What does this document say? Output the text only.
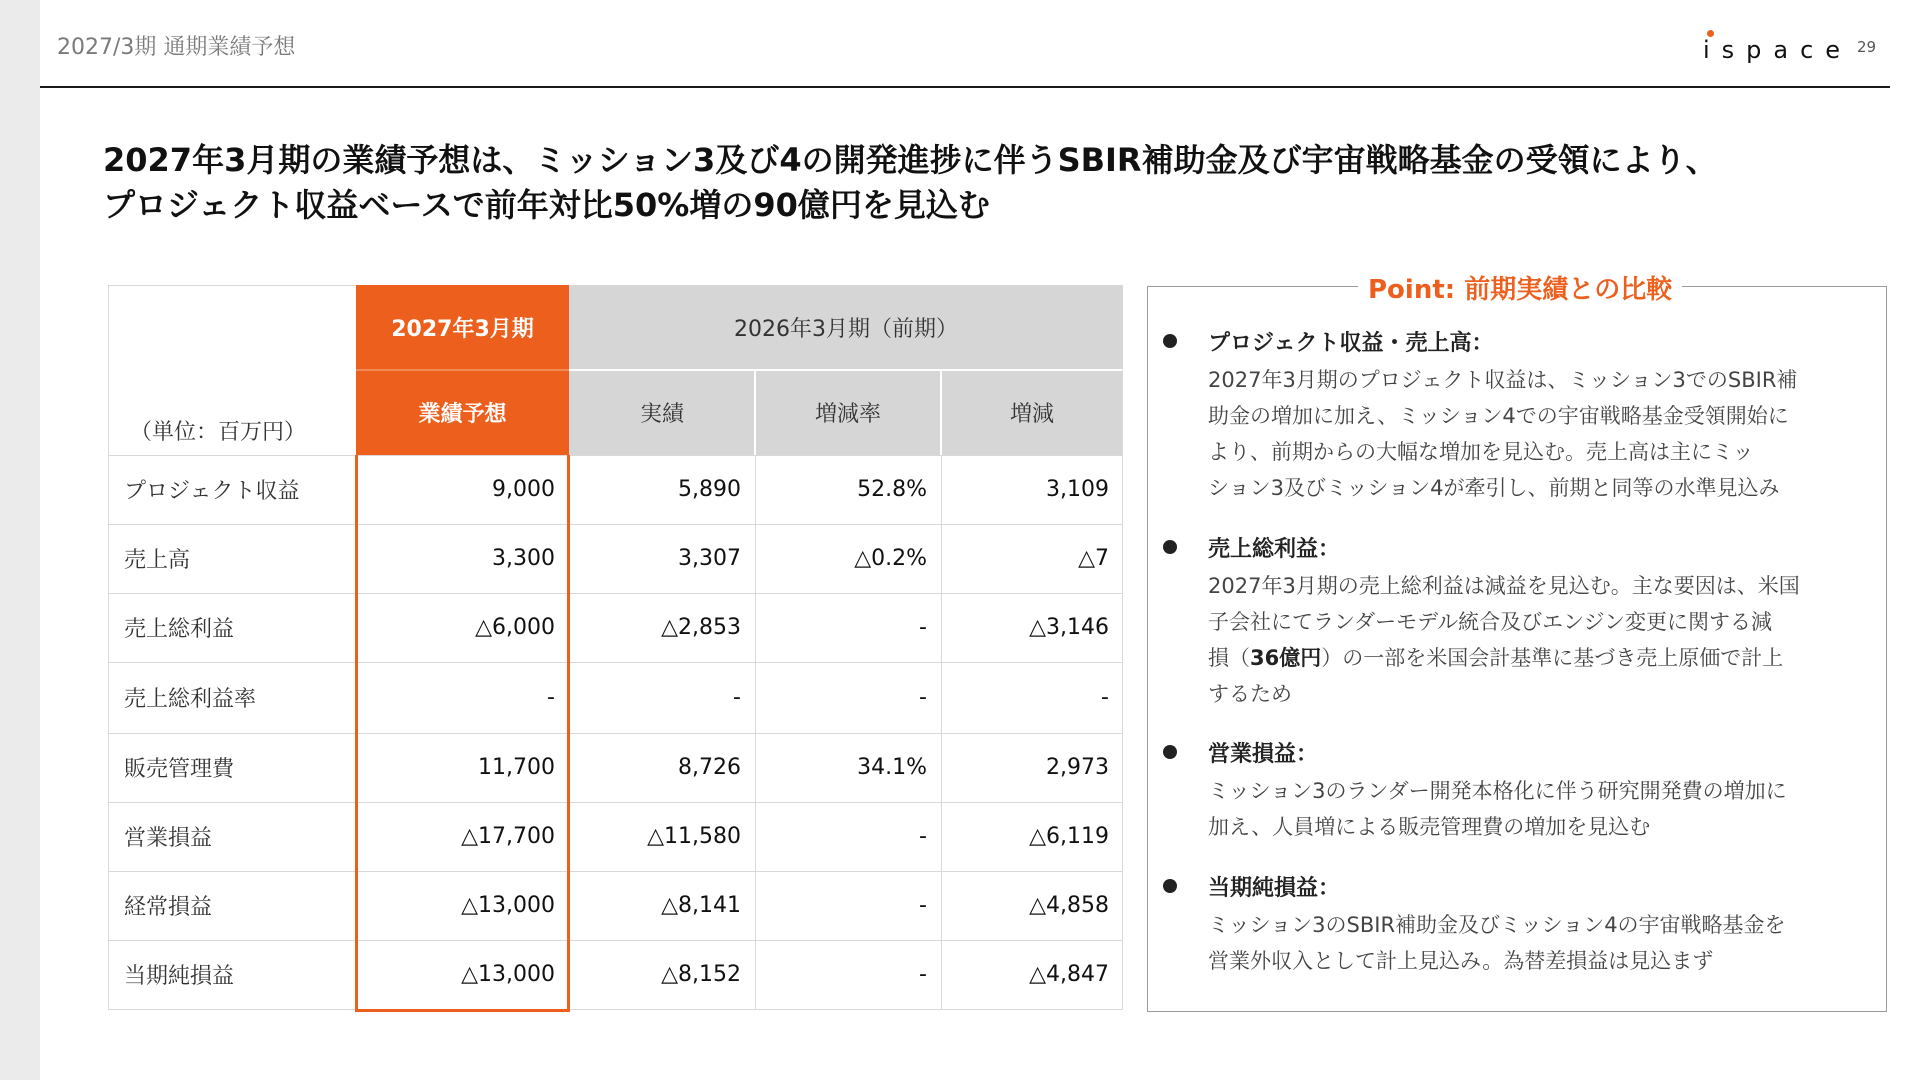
2027/3期 通期業績予想	ispace 29
2027年3月期の業績予想は、ミッション3及び4の開発進捗に伴うSBIR補助金及び宇宙戦略基金の受領により、
プロジェクト収益ベースで前年対比50%増の90億円を見込む
2027年3月期	2026年3月期（前期）
業績予想	実績	増減率	増減
（単位：百万円）
プロジェクト収益	9,000	5,890	52.8%	3,109
売上高	3,300	3,307	△0.2%	△7
売上総利益	△6,000	△2,853	-	△3,146
売上総利益率	-	-	-	-
販売管理費	11,700	8,726	34.1%	2,973
営業損益	△17,700	△11,580	-	△6,119
経常損益	△13,000	△8,141	-	△4,858
当期純損益	△13,000	△8,152	-	△4,847
Point: 前期実績との比較
プロジェクト収益・売上高：
2027年3月期のプロジェクト収益は、ミッション3でのSBIR補
助金の増加に加え、ミッション4での宇宙戦略基金受領開始に
より、前期からの大幅な増加を見込む。売上高は主にミッ
ション3及びミッション4が牽引し、前期と同等の水準見込み
売上総利益：
2027年3月期の売上総利益は減益を見込む。主な要因は、米国
子会社にてランダーモデル統合及びエンジン変更に関する減
損（36億円）の一部を米国会計基準に基づき売上原価で計上
するため
営業損益：
ミッション3のランダー開発本格化に伴う研究開発費の増加に
加え、人員増による販売管理費の増加を見込む
当期純損益：
ミッション3のSBIR補助金及びミッション4の宇宙戦略基金を
営業外収入として計上見込み。為替差損益は見込まず
